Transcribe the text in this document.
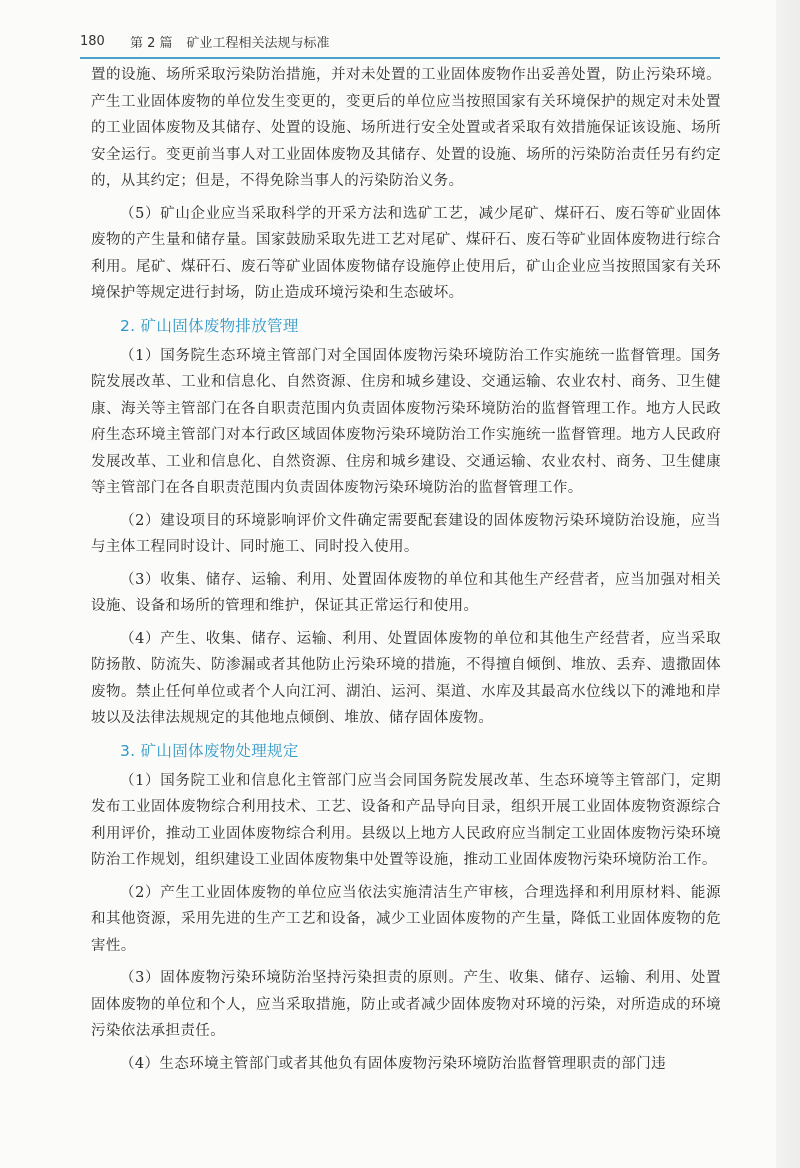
180	第 2 篇 矿业工程相关法规与标准

置的设施、场所采取污染防治措施，并对未处置的工业固体废物作出妥善处置，防止污染环境。产生工业固体废物的单位发生变更的，变更后的单位应当按照国家有关环境保护的规定对未处置的工业固体废物及其储存、处置的设施、场所进行安全处置或者采取有效措施保证该设施、场所安全运行。变更前当事人对工业固体废物及其储存、处置的设施、场所的污染防治责任另有约定的，从其约定；但是，不得免除当事人的污染防治义务。

（5）矿山企业应当采取科学的开采方法和选矿工艺，减少尾矿、煤矸石、废石等矿业固体废物的产生量和储存量。国家鼓励采取先进工艺对尾矿、煤矸石、废石等矿业固体废物进行综合利用。尾矿、煤矸石、废石等矿业固体废物储存设施停止使用后，矿山企业应当按照国家有关环境保护等规定进行封场，防止造成环境污染和生态破坏。

2. 矿山固体废物排放管理

（1）国务院生态环境主管部门对全国固体废物污染环境防治工作实施统一监督管理。国务院发展改革、工业和信息化、自然资源、住房和城乡建设、交通运输、农业农村、商务、卫生健康、海关等主管部门在各自职责范围内负责固体废物污染环境防治的监督管理工作。地方人民政府生态环境主管部门对本行政区域固体废物污染环境防治工作实施统一监督管理。地方人民政府发展改革、工业和信息化、自然资源、住房和城乡建设、交通运输、农业农村、商务、卫生健康等主管部门在各自职责范围内负责固体废物污染环境防治的监督管理工作。

（2）建设项目的环境影响评价文件确定需要配套建设的固体废物污染环境防治设施，应当与主体工程同时设计、同时施工、同时投入使用。

（3）收集、储存、运输、利用、处置固体废物的单位和其他生产经营者，应当加强对相关设施、设备和场所的管理和维护，保证其正常运行和使用。

（4）产生、收集、储存、运输、利用、处置固体废物的单位和其他生产经营者，应当采取防扬散、防流失、防渗漏或者其他防止污染环境的措施，不得擅自倾倒、堆放、丢弃、遗撒固体废物。禁止任何单位或者个人向江河、湖泊、运河、渠道、水库及其最高水位线以下的滩地和岸坡以及法律法规规定的其他地点倾倒、堆放、储存固体废物。

3. 矿山固体废物处理规定

（1）国务院工业和信息化主管部门应当会同国务院发展改革、生态环境等主管部门，定期发布工业固体废物综合利用技术、工艺、设备和产品导向目录，组织开展工业固体废物资源综合利用评价，推动工业固体废物综合利用。县级以上地方人民政府应当制定工业固体废物污染环境防治工作规划，组织建设工业固体废物集中处置等设施，推动工业固体废物污染环境防治工作。

（2）产生工业固体废物的单位应当依法实施清洁生产审核，合理选择和利用原材料、能源和其他资源，采用先进的生产工艺和设备，减少工业固体废物的产生量，降低工业固体废物的危害性。

（3）固体废物污染环境防治坚持污染担责的原则。产生、收集、储存、运输、利用、处置固体废物的单位和个人，应当采取措施，防止或者减少固体废物对环境的污染，对所造成的环境污染依法承担责任。

（4）生态环境主管部门或者其他负有固体废物污染环境防治监督管理职责的部门违
